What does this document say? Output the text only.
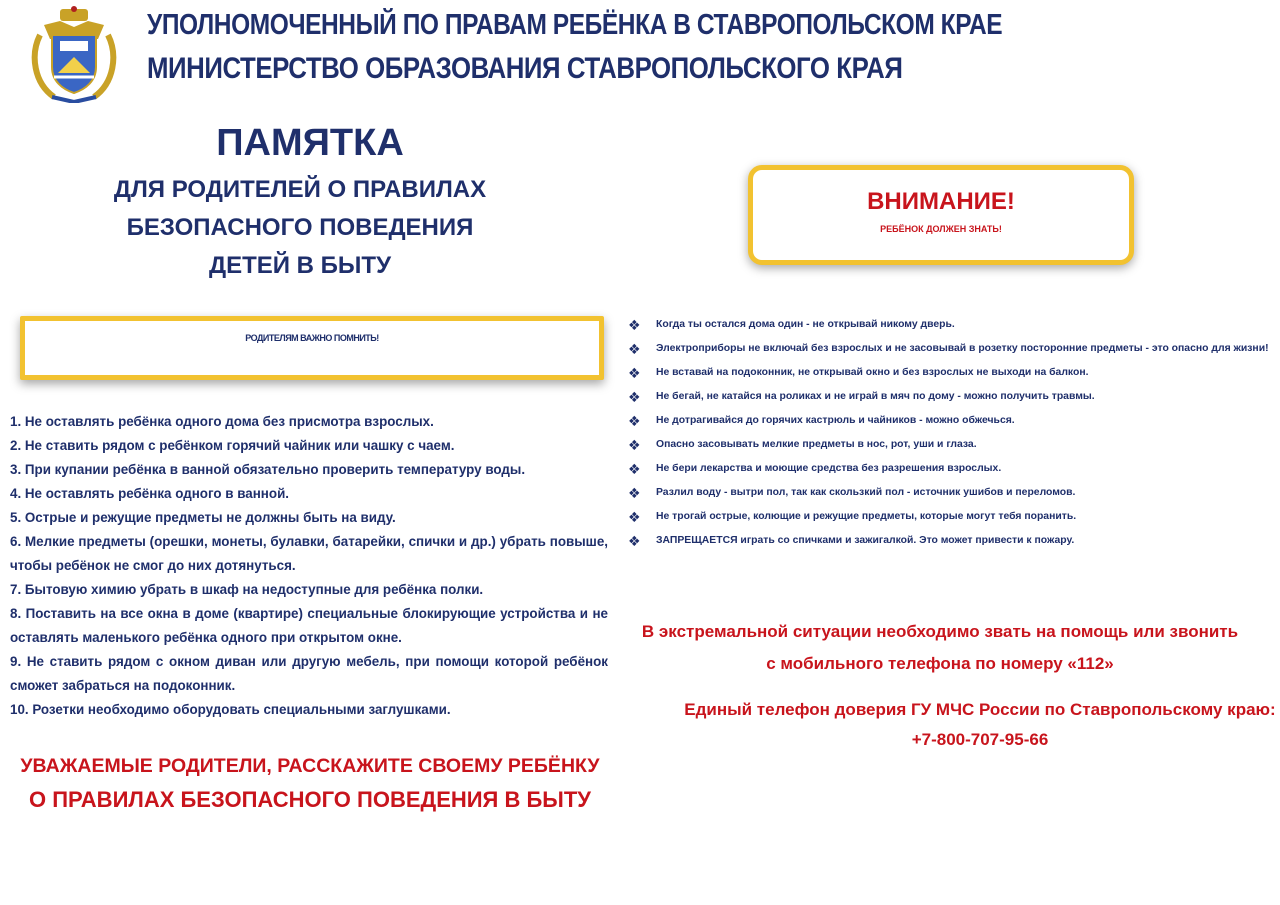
УПОЛНОМОЧЕННЫЙ ПО ПРАВАМ РЕБЁНКА В СТАВРОПОЛЬСКОМ КРАЕ
МИНИСТЕРСТВО ОБРАЗОВАНИЯ СТАВРОПОЛЬСКОГО КРАЯ
ПАМЯТКА
ДЛЯ РОДИТЕЛЕЙ О ПРАВИЛАХ
БЕЗОПАСНОГО ПОВЕДЕНИЯ
ДЕТЕЙ В БЫТУ
ВНИМАНИЕ!
РЕБЁНОК ДОЛЖЕН ЗНАТЬ!
РОДИТЕЛЯМ ВАЖНО ПОМНИТЬ!
1. Не оставлять ребёнка одного дома без присмотра взрослых.
2. Не ставить рядом с ребёнком горячий чайник или чашку с чаем.
3. При купании ребёнка в ванной обязательно проверить температуру воды.
4. Не оставлять ребёнка одного в ванной.
5. Острые и режущие предметы не должны быть на виду.
6. Мелкие предметы (орешки, монеты, булавки, батарейки, спички и др.) убрать повыше, чтобы ребёнок не смог до них дотянуться.
7. Бытовую химию убрать в шкаф на недоступные для ребёнка полки.
8. Поставить на все окна в доме (квартире) специальные блокирующие устройства и не оставлять маленького ребёнка одного при открытом окне.
9. Не ставить рядом с окном диван или другую мебель, при помощи которой ребёнок сможет забраться на подоконник.
10. Розетки необходимо оборудовать специальными заглушками.
❖ Когда ты остался дома один - не открывай никому дверь.
❖ Электроприборы не включай без взрослых и не засовывай в розетку посторонние предметы - это опасно для жизни!
❖ Не вставай на подоконник, не открывай окно и без взрослых не выходи на балкон.
❖ Не бегай, не катайся на роликах и не играй в мяч по дому - можно получить травмы.
❖ Не дотрагивайся до горячих кастрюль и чайников - можно обжечься.
❖ Опасно засовывать мелкие предметы в нос, рот, уши и глаза.
❖ Не бери лекарства и моющие средства без разрешения взрослых.
❖ Разлил воду - вытри пол, так как скользкий пол - источник ушибов и переломов.
❖ Не трогай острые, колющие и режущие предметы, которые могут тебя поранить.
❖ ЗАПРЕЩАЕТСЯ играть со спичками и зажигалкой. Это может привести к пожару.
В экстремальной ситуации необходимо звать на помощь или звонить
с мобильного телефона по номеру «112»
Единый телефон доверия ГУ МЧС России по Ставропольскому краю:
+7-800-707-95-66
УВАЖАЕМЫЕ РОДИТЕЛИ, РАССКАЖИТЕ СВОЕМУ РЕБЁНКУ
О ПРАВИЛАХ БЕЗОПАСНОГО ПОВЕДЕНИЯ В БЫТУ
